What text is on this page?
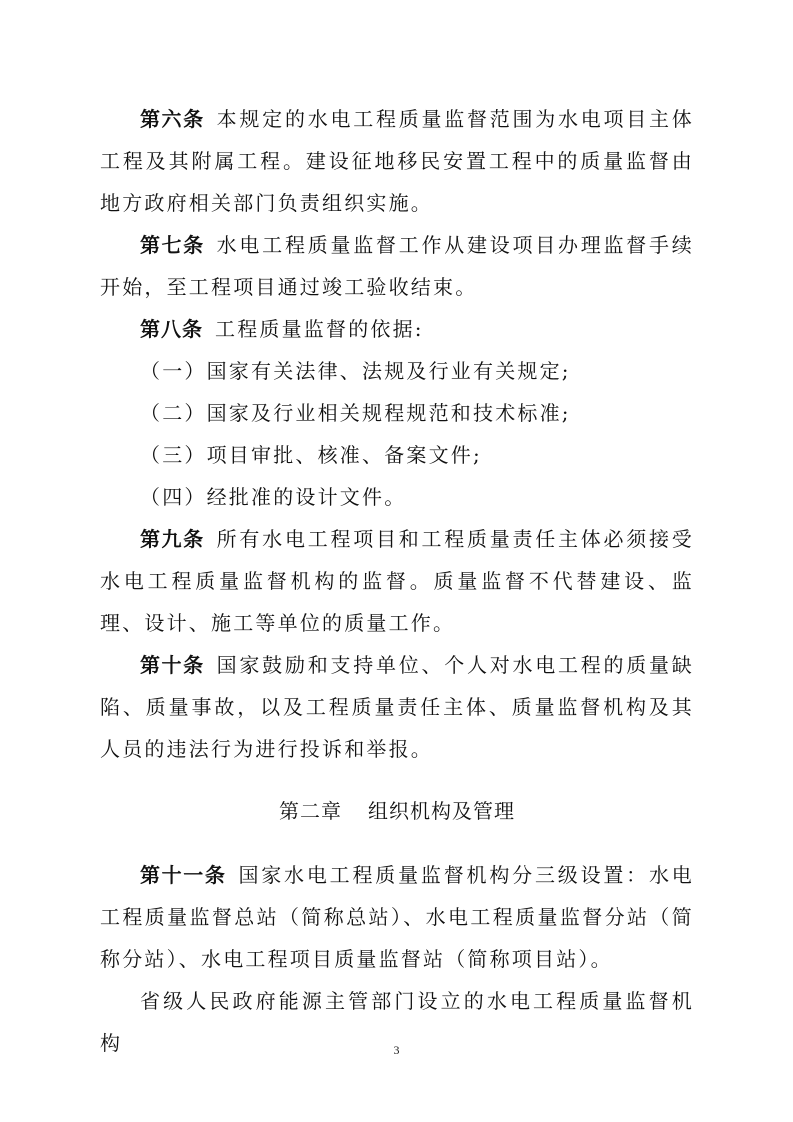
第六条 本规定的水电工程质量监督范围为水电项目主体工程及其附属工程。建设征地移民安置工程中的质量监督由地方政府相关部门负责组织实施。

第七条 水电工程质量监督工作从建设项目办理监督手续开始，至工程项目通过竣工验收结束。

第八条 工程质量监督的依据:

（一）国家有关法律、法规及行业有关规定;

（二）国家及行业相关规程规范和技术标准;

（三）项目审批、核准、备案文件;

（四）经批准的设计文件。

第九条 所有水电工程项目和工程质量责任主体必须接受水电工程质量监督机构的监督。质量监督不代替建设、监理、设计、施工等单位的质量工作。

第十条 国家鼓励和支持单位、个人对水电工程的质量缺陷、质量事故，以及工程质量责任主体、质量监督机构及其人员的违法行为进行投诉和举报。

第二章 组织机构及管理

第十一条 国家水电工程质量监督机构分三级设置：水电工程质量监督总站（简称总站）、水电工程质量监督分站（简称分站）、水电工程项目质量监督站（简称项目站）。

省级人民政府能源主管部门设立的水电工程质量监督机构	3
